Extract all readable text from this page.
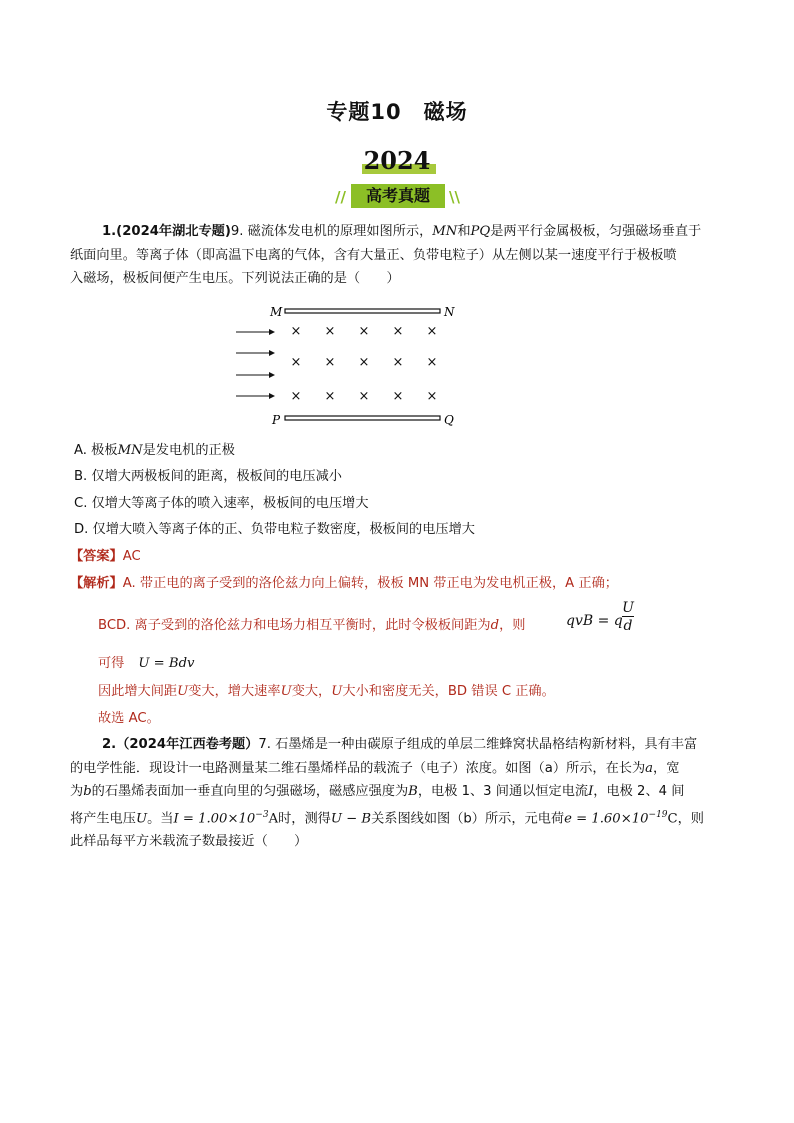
专题10　磁场
2024
//	高考真题	\\
1.(2024年湖北专题)9. 磁流体发电机的原理如图所示，MN和PQ是两平行金属极板，匀强磁场垂直于
纸面向里。等离子体（即高温下电离的气体，含有大量正、负带电粒子）从左侧以某一速度平行于极板喷
入磁场，极板间便产生电压。下列说法正确的是（　　）
M	N
× × × × ×
× × × × ×
× × × × ×
P	Q
A. 极板MN是发电机的正极
B. 仅增大两极板间的距离，极板间的电压减小
C. 仅增大等离子体的喷入速率，极板间的电压增大
D. 仅增大喷入等离子体的正、负带电粒子数密度，极板间的电压增大
【答案】AC
【解析】A. 带正电的离子受到的洛伦兹力向上偏转，极板 MN 带正电为发电机正极，A 正确；
BCD. 离子受到的洛伦兹力和电场力相互平衡时，此时令极板间距为d，则	qvB = q
U
d
可得 U = Bdv
因此增大间距U变大，增大速率U变大，U大小和密度无关，BD 错误 C 正确。
故选 AC。
2.（2024年江西卷考题）7. 石墨烯是一种由碳原子组成的单层二维蜂窝状晶格结构新材料，具有丰富
的电学性能．现设计一电路测量某二维石墨烯样品的载流子（电子）浓度。如图（a）所示，在长为a，宽
为b的石墨烯表面加一垂直向里的匀强磁场，磁感应强度为B，电极 1、3 间通以恒定电流I，电极 2、4 间
将产生电压U。当$I = 1.00\times 10^{-3}A$时，测得U − B关系图线如图（b）所示，元电荷$e = 1.60\times 10^{-19}C$，则
此样品每平方米载流子数最接近（　　）
